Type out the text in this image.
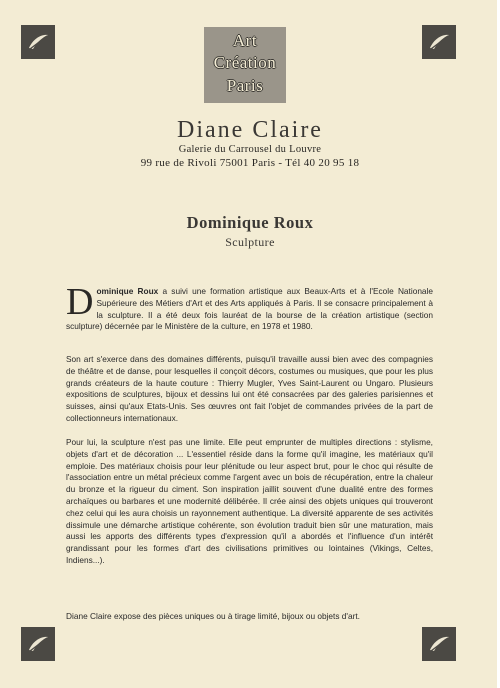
Art
Création
Paris
Diane Claire
Galerie du Carrousel du Louvre
99 rue de Rivoli 75001 Paris - Tél 40 20 95 18
Dominique Roux
Sculpture

Dominique Roux a suivi une formation artistique aux Beaux-Arts et à l'Ecole Nationale Supérieure des Métiers d'Art et des Arts appliqués à Paris. Il se consacre principalement à la sculpture. Il a été deux fois lauréat de la bourse de la création artistique (section sculpture) décernée par le Ministère de la culture, en 1978 et 1980.

Son art s'exerce dans des domaines différents, puisqu'il travaille aussi bien avec des compagnies de théâtre et de danse, pour lesquelles il conçoit décors, costumes ou musiques, que pour les plus grands créateurs de la haute couture : Thierry Mugler, Yves Saint-Laurent ou Ungaro. Plusieurs expositions de sculptures, bijoux et dessins lui ont été consacrées par des galeries parisiennes et suisses, ainsi qu'aux Etats-Unis. Ses œuvres ont fait l'objet de commandes privées de la part de collectionneurs internationaux.

Pour lui, la sculpture n'est pas une limite. Elle peut emprunter de multiples directions : stylisme, objets d'art et de décoration ... L'essentiel réside dans la forme qu'il imagine, les matériaux qu'il emploie. Des matériaux choisis pour leur plénitude ou leur aspect brut, pour le choc qui résulte de l'association entre un métal précieux comme l'argent avec un bois de récupération, entre la chaleur du bronze et la rigueur du ciment. Son inspiration jaillit souvent d'une dualité entre des formes archaïques ou barbares et une modernité délibérée. Il crée ainsi des objets uniques qui trouveront chez celui qui les aura choisis un rayonnement authentique. La diversité apparente de ses activités dissimule une démarche artistique cohérente, son évolution traduit bien sûr une maturation, mais aussi les apports des différents types d'expression qu'il a abordés et l'influence d'un intérêt grandissant pour les formes d'art des civilisations primitives ou lointaines (Vikings, Celtes, Indiens...).

Diane Claire expose des pièces uniques ou à tirage limité, bijoux ou objets d'art.
